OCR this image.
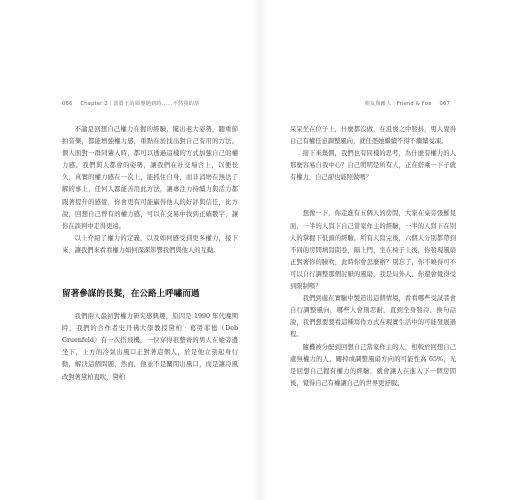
066 Chapter 2｜當賣王的領導遇到時……不然我的話

不論是回想自己權力在握的經驗，擺出老大姿勢，聽重節拍音樂，都能增強權力感，重點在於找出對自己有用的方法。個人面對一群同輩人時，都可以透過這樣的方式加強自己的權力感。我們與人都會的姿勢，讓我們在社交場合上，以便長久，真實的權力感在一次上，能抓住自身，而非消磨在無法了解的事上，任何人都能善用此方法，讓專注力持續力與活力都跟著提升的感覺，你會更有可能贏得他人的好評與信任，比方說，回想自己曾有的權力感，可以在交易中找到正確數字，讓你在談判中走得更遠。

以上介紹了權力的定義，以及如何感受到更多權力，接下來，讓我們來看看權力如何深深影響我們與他人的互動。

留著參謀的長髮，在公路上呼嘯而過

我們兩人最初對權力研究感興趣，原因是 1990 年代晚期時，我們的合作者史丹佛大學教授黛柏‧葛勞菲德（Deb Gruenfeld）有一次搭飛機，一位穿得很整齊的男人在她旁邊坐下，上方的冷氣出風口正對著這個人，於是他立刻起身行動，解決這個問題，然而，他並不是關閉出風口，而是讓冷風改對著黛柏直吹，黛柏

朋友與敵人｜Friend & Foe 067

呆呆坐在位子上，什麼都沒做，在沮喪之中發抖，男人覺得自己有權任意調整風向，就任憑她繼續不得不繼續受凍。

接下來幾個，我們也有同樣的思考，為什麼有權力的人那麼容易自我中心？自己明明是所有人，正在搭乘一下子就有權力，自己卻也能照做嗎？

想像一下，你走進有五個人的房間，大家在桌旁張羅見面，一半的人寫下自己當家作主的經驗，一半的人寫下在別人的掌握下低頭的經驗，所有人寫完後，六個人分別都帶到不同的房間填寫問卷，隔上門，坐在椅子上後，你發現風扇正對著你的臉吹，此時你會怎麼辦？別忘了，你不曉得可不可以自行調整那個討厭的風扇，我是局外人，你還會覺得受到限制嗎？

我們到處在實驗中製造出這個情境，看看哪些受試者會自行調整風向，哪些人會則忍耐，直到全身發冷，換句話說，我們想要要看這種寫作方式在現實生活中的可能發展過程。

隨機被分配到回想自己當家作主的人，相較於回想自己處無權力的人，關掉或調整風扇方向的可能性高 65%，光是回想自己握有權力的經驗，就會讓人在進入下一個房間後，覺得自己有權讓自己的世界更舒服。
